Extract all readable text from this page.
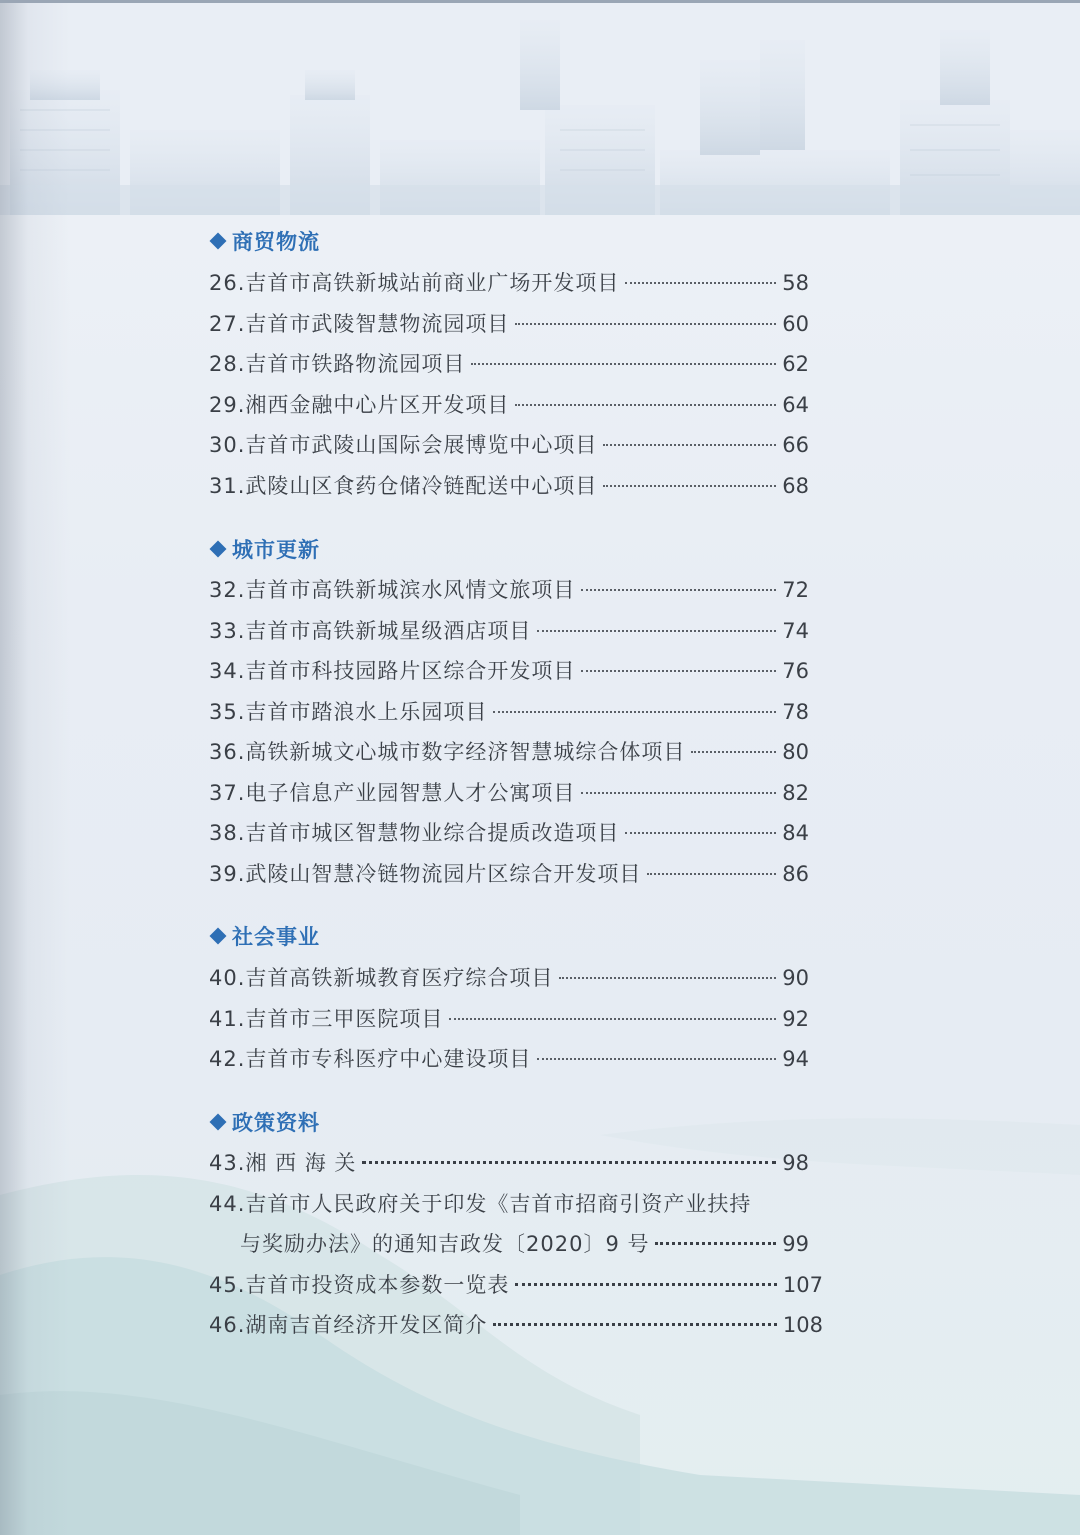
商贸物流
26.吉首市高铁新城站前商业广场开发项目	58
27.吉首市武陵智慧物流园项目	60
28.吉首市铁路物流园项目	62
29.湘西金融中心片区开发项目	64
30.吉首市武陵山国际会展博览中心项目	66
31.武陵山区食药仓储冷链配送中心项目	68
城市更新
32.吉首市高铁新城滨水风情文旅项目	72
33.吉首市高铁新城星级酒店项目	74
34.吉首市科技园路片区综合开发项目	76
35.吉首市踏浪水上乐园项目	78
36.高铁新城文心城市数字经济智慧城综合体项目	80
37.电子信息产业园智慧人才公寓项目	82
38.吉首市城区智慧物业综合提质改造项目	84
39.武陵山智慧冷链物流园片区综合开发项目	86
社会事业
40.吉首高铁新城教育医疗综合项目	90
41.吉首市三甲医院项目	92
42.吉首市专科医疗中心建设项目	94
政策资料
43.湘 西 海 关	98
44.吉首市人民政府关于印发《吉首市招商引资产业扶持
与奖励办法》的通知吉政发〔2020〕9 号	99
45.吉首市投资成本参数一览表	107
46.湖南吉首经济开发区简介	108
